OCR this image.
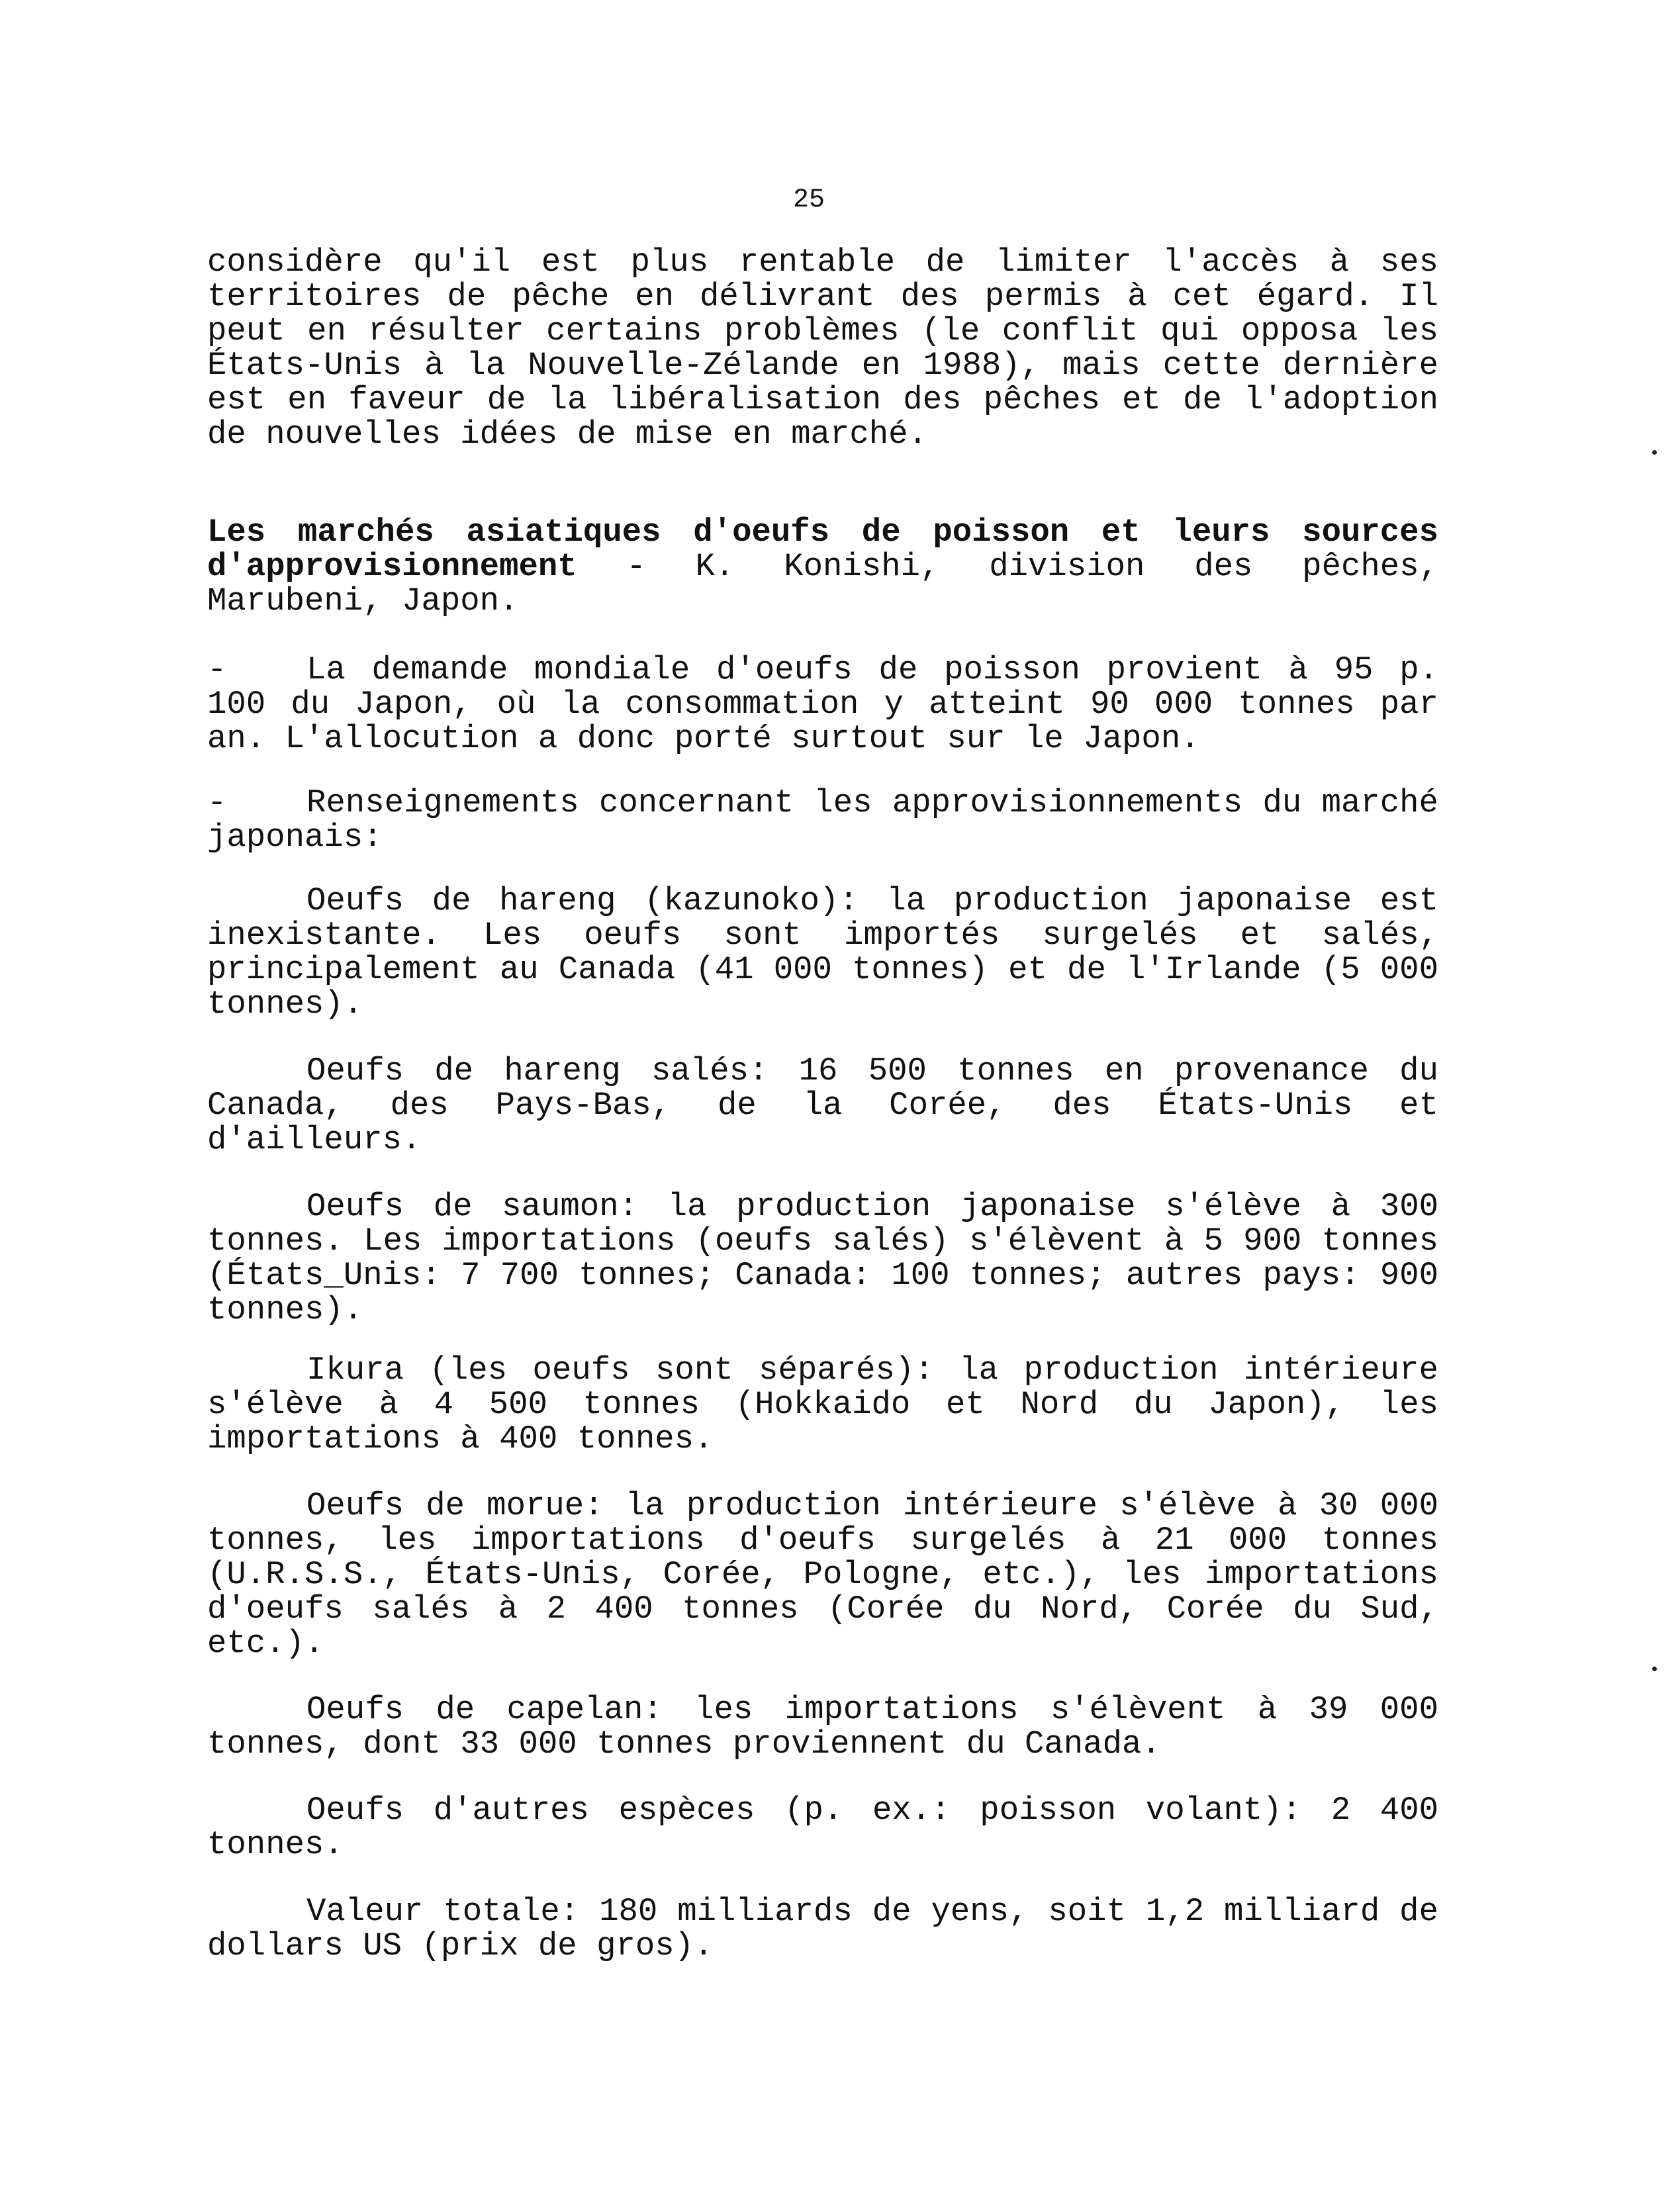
25
considère qu'il est plus rentable de limiter l'accès à ses territoires de pêche en délivrant des permis à cet égard. Il peut en résulter certains problèmes (le conflit qui opposa les États-Unis à la Nouvelle-Zélande en 1988), mais cette dernière est en faveur de la libéralisation des pêches et de l'adoption de nouvelles idées de mise en marché.
Les marchés asiatiques d'oeufs de poisson et leurs sources d'approvisionnement - K. Konishi, division des pêches, Marubeni, Japon.
-	La demande mondiale d'oeufs de poisson provient à 95 p. 100 du Japon, où la consommation y atteint 90 000 tonnes par an. L'allocution a donc porté surtout sur le Japon.
-	Renseignements concernant les approvisionnements du marché japonais:
Oeufs de hareng (kazunoko): la production japonaise est inexistante. Les oeufs sont importés surgelés et salés, principalement au Canada (41 000 tonnes) et de l'Irlande (5 000 tonnes).
Oeufs de hareng salés: 16 500 tonnes en provenance du Canada, des Pays-Bas, de la Corée, des États-Unis et d'ailleurs.
Oeufs de saumon: la production japonaise s'élève à 300 tonnes. Les importations (oeufs salés) s'élèvent à 5 900 tonnes (États_Unis: 7 700 tonnes; Canada: 100 tonnes; autres pays: 900 tonnes).
Ikura (les oeufs sont séparés): la production intérieure s'élève à 4 500 tonnes (Hokkaido et Nord du Japon), les importations à 400 tonnes.
Oeufs de morue: la production intérieure s'élève à 30 000 tonnes, les importations d'oeufs surgelés à 21 000 tonnes (U.R.S.S., États-Unis, Corée, Pologne, etc.), les importations d'oeufs salés à 2 400 tonnes (Corée du Nord, Corée du Sud, etc.).
Oeufs de capelan: les importations s'élèvent à 39 000 tonnes, dont 33 000 tonnes proviennent du Canada.
Oeufs d'autres espèces (p. ex.: poisson volant): 2 400 tonnes.
Valeur totale: 180 milliards de yens, soit 1,2 milliard de dollars US (prix de gros).
